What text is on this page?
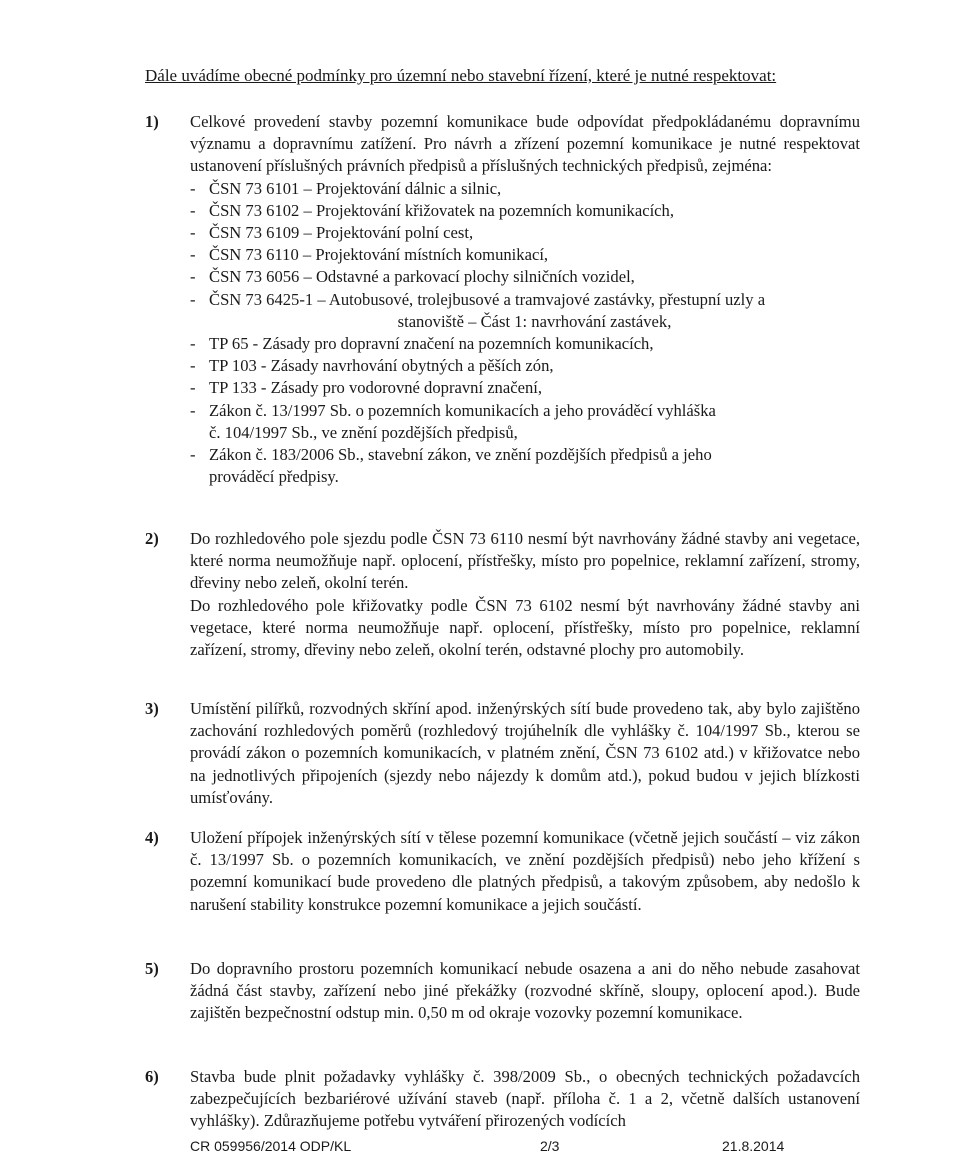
Dále uvádíme obecné podmínky pro územní nebo stavební řízení, které je nutné respektovat:
1) Celkové provedení stavby pozemní komunikace bude odpovídat předpokládanému dopravnímu významu a dopravnímu zatížení. Pro návrh a zřízení pozemní komunikace je nutné respektovat ustanovení příslušných právních předpisů a příslušných technických předpisů, zejména:

- ČSN 73 6101 – Projektování dálnic a silnic,
- ČSN 73 6102 – Projektování křižovatek na pozemních komunikacích,
- ČSN 73 6109 – Projektování polní cest,
- ČSN 73 6110 – Projektování místních komunikací,
- ČSN 73 6056 – Odstavné a parkovací plochy silničních vozidel,
- ČSN 73 6425-1 – Autobusové, trolejbusové a tramvajové zastávky, přestupní uzly a
stanoviště – Část 1: navrhování zastávek,
- TP 65 - Zásady pro dopravní značení na pozemních komunikacích,
- TP 103 - Zásady navrhování obytných a pěších zón,
- TP 133 - Zásady pro vodorovné dopravní značení,
- Zákon č. 13/1997 Sb. o pozemních komunikacích a jeho prováděcí vyhláška
č. 104/1997 Sb., ve znění pozdějších předpisů,
- Zákon č. 183/2006 Sb., stavební zákon, ve znění pozdějších předpisů a jeho
prováděcí předpisy.
2) Do rozhledového pole sjezdu podle ČSN 73 6110 nesmí být navrhovány žádné stavby ani vegetace, které norma neumožňuje např. oplocení, přístřešky, místo pro popelnice, reklamní zařízení, stromy, dřeviny nebo zeleň, okolní terén.

Do rozhledového pole křižovatky podle ČSN 73 6102 nesmí být navrhovány žádné stavby ani vegetace, které norma neumožňuje např. oplocení, přístřešky, místo pro popelnice, reklamní zařízení, stromy, dřeviny nebo zeleň, okolní terén, odstavné plochy pro automobily.

3) Umístění pilířků, rozvodných skříní apod. inženýrských sítí bude provedeno tak, aby bylo zajištěno zachování rozhledových poměrů (rozhledový trojúhelník dle vyhlášky č. 104/1997 Sb., kterou se provádí zákon o pozemních komunikacích, v platném znění, ČSN 73 6102 atd.) v křižovatce nebo na jednotlivých připojeních (sjezdy nebo nájezdy k domům atd.), pokud budou v jejich blízkosti umísťovány.

4) Uložení přípojek inženýrských sítí v tělese pozemní komunikace (včetně jejich součástí – viz zákon č. 13/1997 Sb. o pozemních komunikacích, ve znění pozdějších předpisů) nebo jeho křížení s pozemní komunikací bude provedeno dle platných předpisů, a takovým způsobem, aby nedošlo k narušení stability konstrukce pozemní komunikace a jejich součástí.

5) Do dopravního prostoru pozemních komunikací nebude osazena a ani do něho nebude zasahovat žádná část stavby, zařízení nebo jiné překážky (rozvodné skříně, sloupy, oplocení apod.). Bude zajištěn bezpečnostní odstup min. 0,50 m od okraje vozovky pozemní komunikace.

6) Stavba bude plnit požadavky vyhlášky č. 398/2009 Sb., o obecných technických požadavcích zabezpečujících bezbariérové užívání staveb (např. příloha č. 1 a 2, včetně dalších ustanovení vyhlášky). Zdůrazňujeme potřebu vytváření přirozených vodících

CR 059956/2014 ODP/KL	2/3	21.8.2014
